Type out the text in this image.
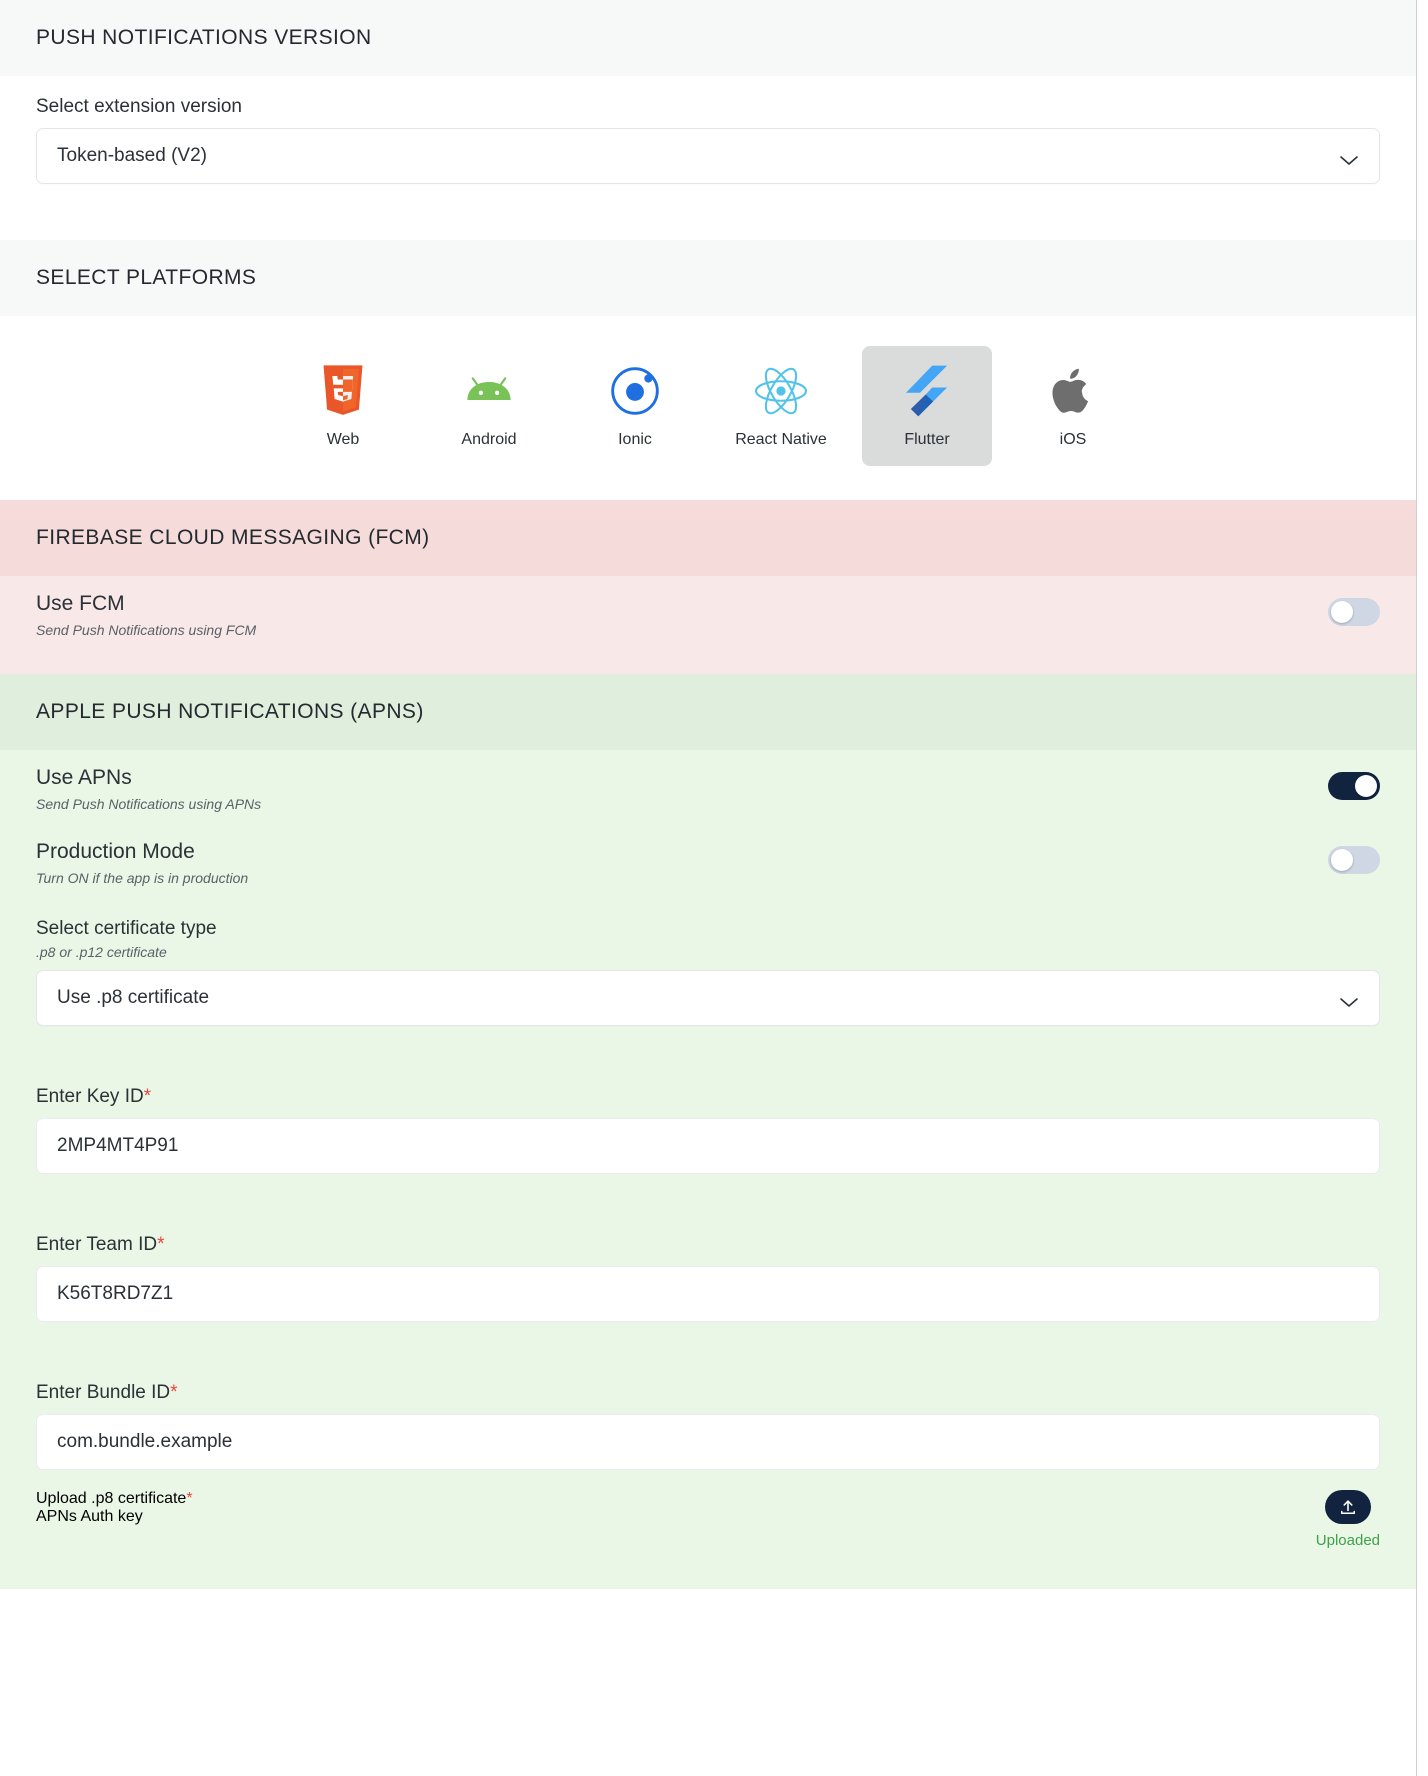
PUSH NOTIFICATIONS VERSION
Select extension version
Token-based (V2)
SELECT PLATFORMS
Web	Android	Ionic	React Native	Flutter	iOS
FIREBASE CLOUD MESSAGING (FCM)
Use FCM
Send Push Notifications using FCM
APPLE PUSH NOTIFICATIONS (APNS)
Use APNs
Send Push Notifications using APNs
Production Mode
Turn ON if the app is in production
Select certificate type
.p8 or .p12 certificate
Use .p8 certificate
Enter Key ID*
2MP4MT4P91
Enter Team ID*
K56T8RD7Z1
Enter Bundle ID*
com.bundle.example
Upload .p8 certificate*
APNs Auth key
Uploaded
